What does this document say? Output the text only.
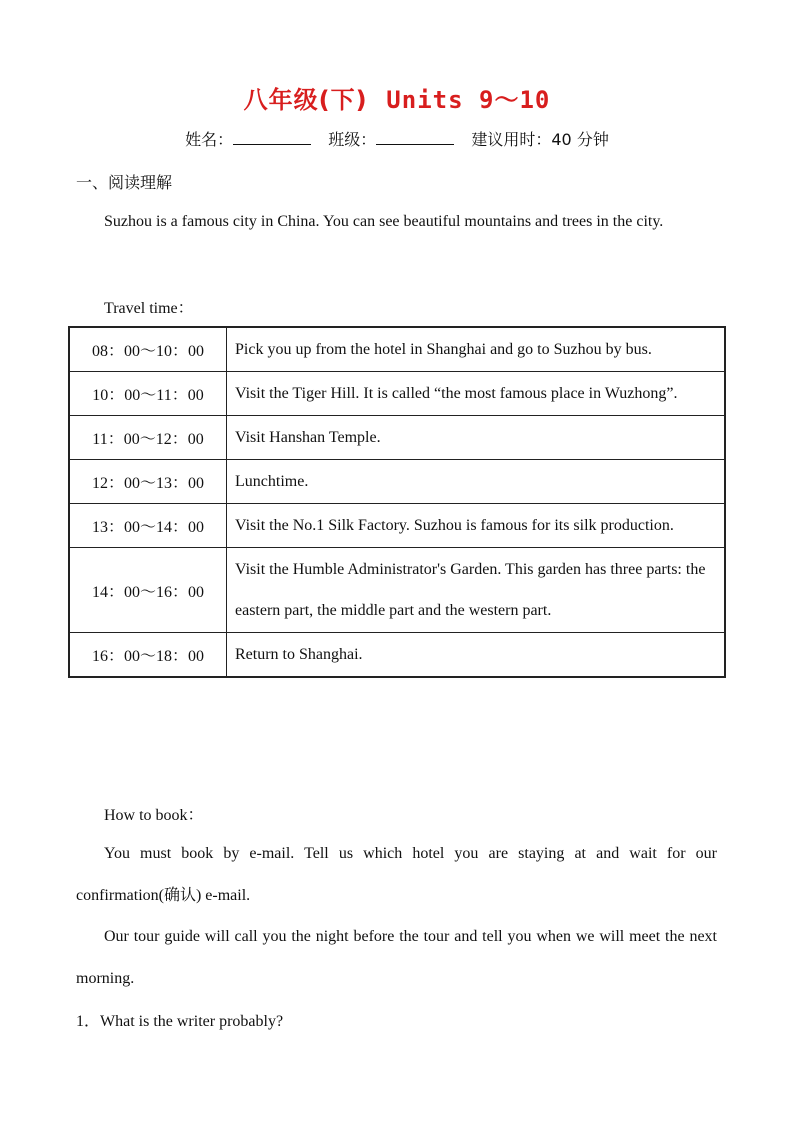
八年级(下) Units 9～10
姓名：	班级：	建议用时：40 分钟
一、阅读理解
Suzhou is a famous city in China. You can see beautiful mountains and trees in the city.
Travel time：
08：00～10：00	Pick you up from the hotel in Shanghai and go to Suzhou by bus.
10：00～11：00	Visit the Tiger Hill. It is called “the most famous place in Wuzhong”.
11：00～12：00	Visit Hanshan Temple.
12：00～13：00	Lunchtime.
13：00～14：00	Visit the No.1 Silk Factory. Suzhou is famous for its silk production.
14：00～16：00	Visit the Humble Administrator's Garden. This garden has three parts: the eastern part, the middle part and the western part.
16：00～18：00	Return to Shanghai.
How to book：
You must book by e-mail. Tell us which hotel you are staying at and wait for our confirmation(确认) e-mail.
Our tour guide will call you the night before the tour and tell you when we will meet the next morning.
1．What is the writer probably?
